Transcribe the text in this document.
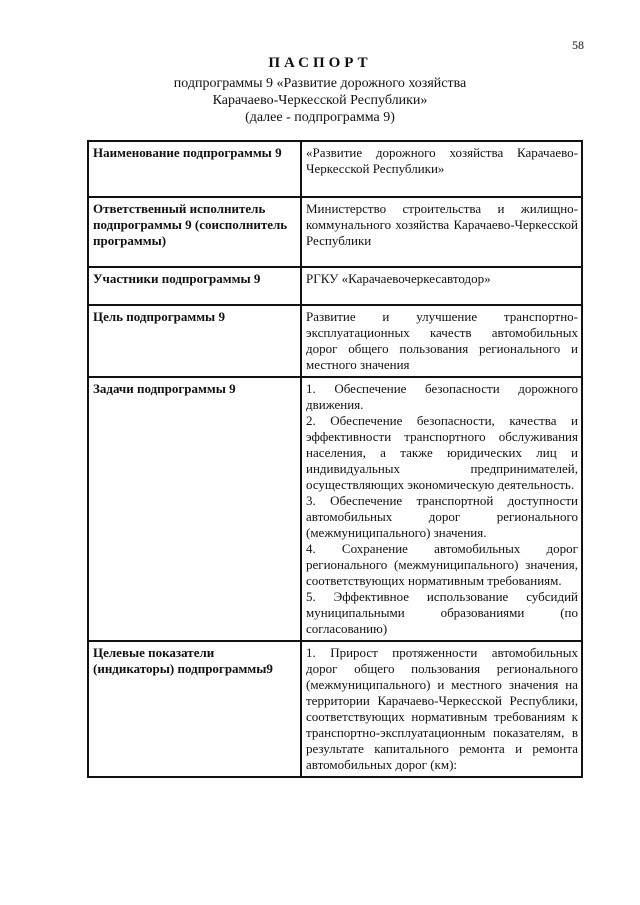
58
ПАСПОРТ
подпрограммы 9 «Развитие дорожного хозяйства
Карачаево-Черкесской Республики»
(далее - подпрограмма 9)
Наименование подпрограммы 9	«Развитие дорожного хозяйства Карачаево-Черкесской Республики»
Ответственный исполнитель подпрограммы 9 (соисполнитель программы)	Министерство строительства и жилищно-коммунального хозяйства Карачаево-Черкесской Республики
Участники подпрограммы 9	РГКУ «Карачаевочеркесавтодор»
Цель подпрограммы 9	Развитие и улучшение транспортно-эксплуатационных качеств автомобильных дорог общего пользования регионального и местного значения
Задачи подпрограммы 9	1. Обеспечение безопасности дорожного движения.

2. Обеспечение безопасности, качества и эффективности транспортного обслуживания населения, а также юридических лиц и индивидуальных предпринимателей, осуществляющих экономическую деятельность.

3. Обеспечение транспортной доступности автомобильных дорог регионального (межмуниципального) значения.

4. Сохранение автомобильных дорог регионального (межмуниципального) значения, соответствующих нормативным требованиям.

5. Эффективное использование субсидий муниципальными образованиями (по согласованию)

Целевые показатели (индикаторы) подпрограммы9	1. Прирост протяженности автомобильных дорог общего пользования регионального (межмуниципального) и местного значения на территории Карачаево-Черкесской Республики, соответствующих нормативным требованиям к транспортно-эксплуатационным показателям, в результате капитального ремонта и ремонта автомобильных дорог (км):
